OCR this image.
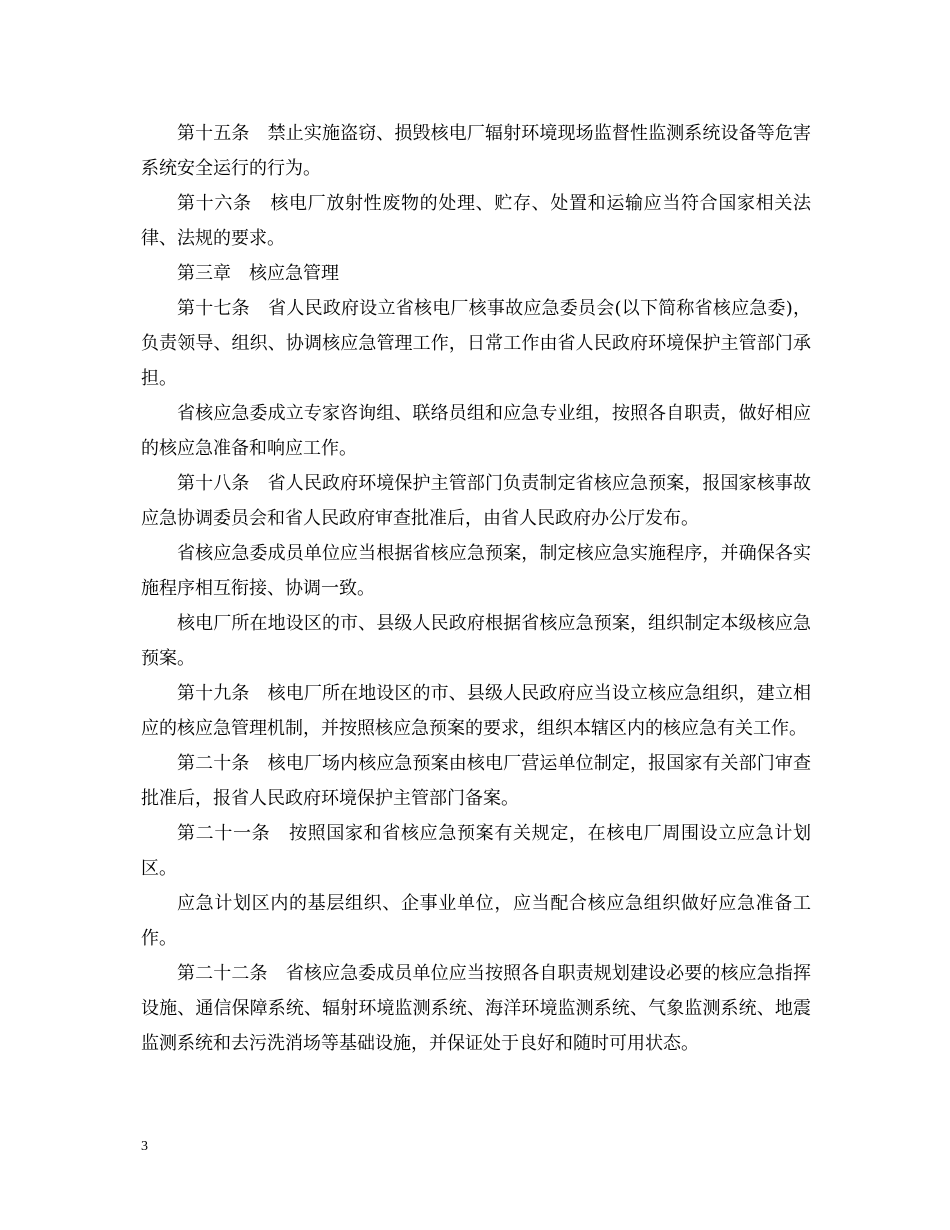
第十五条 禁止实施盗窃、损毁核电厂辐射环境现场监督性监测系统设备等危害系统安全运行的行为。

第十六条 核电厂放射性废物的处理、贮存、处置和运输应当符合国家相关法律、法规的要求。

第三章 核应急管理

第十七条 省人民政府设立省核电厂核事故应急委员会(以下简称省核应急委)，负责领导、组织、协调核应急管理工作，日常工作由省人民政府环境保护主管部门承担。

省核应急委成立专家咨询组、联络员组和应急专业组，按照各自职责，做好相应的核应急准备和响应工作。

第十八条 省人民政府环境保护主管部门负责制定省核应急预案，报国家核事故应急协调委员会和省人民政府审查批准后，由省人民政府办公厅发布。

省核应急委成员单位应当根据省核应急预案，制定核应急实施程序，并确保各实施程序相互衔接、协调一致。

核电厂所在地设区的市、县级人民政府根据省核应急预案，组织制定本级核应急预案。

第十九条 核电厂所在地设区的市、县级人民政府应当设立核应急组织，建立相应的核应急管理机制，并按照核应急预案的要求，组织本辖区内的核应急有关工作。

第二十条 核电厂场内核应急预案由核电厂营运单位制定，报国家有关部门审查批准后，报省人民政府环境保护主管部门备案。

第二十一条 按照国家和省核应急预案有关规定，在核电厂周围设立应急计划区。

应急计划区内的基层组织、企事业单位，应当配合核应急组织做好应急准备工作。

第二十二条 省核应急委成员单位应当按照各自职责规划建设必要的核应急指挥设施、通信保障系统、辐射环境监测系统、海洋环境监测系统、气象监测系统、地震监测系统和去污洗消场等基础设施，并保证处于良好和随时可用状态。

3
